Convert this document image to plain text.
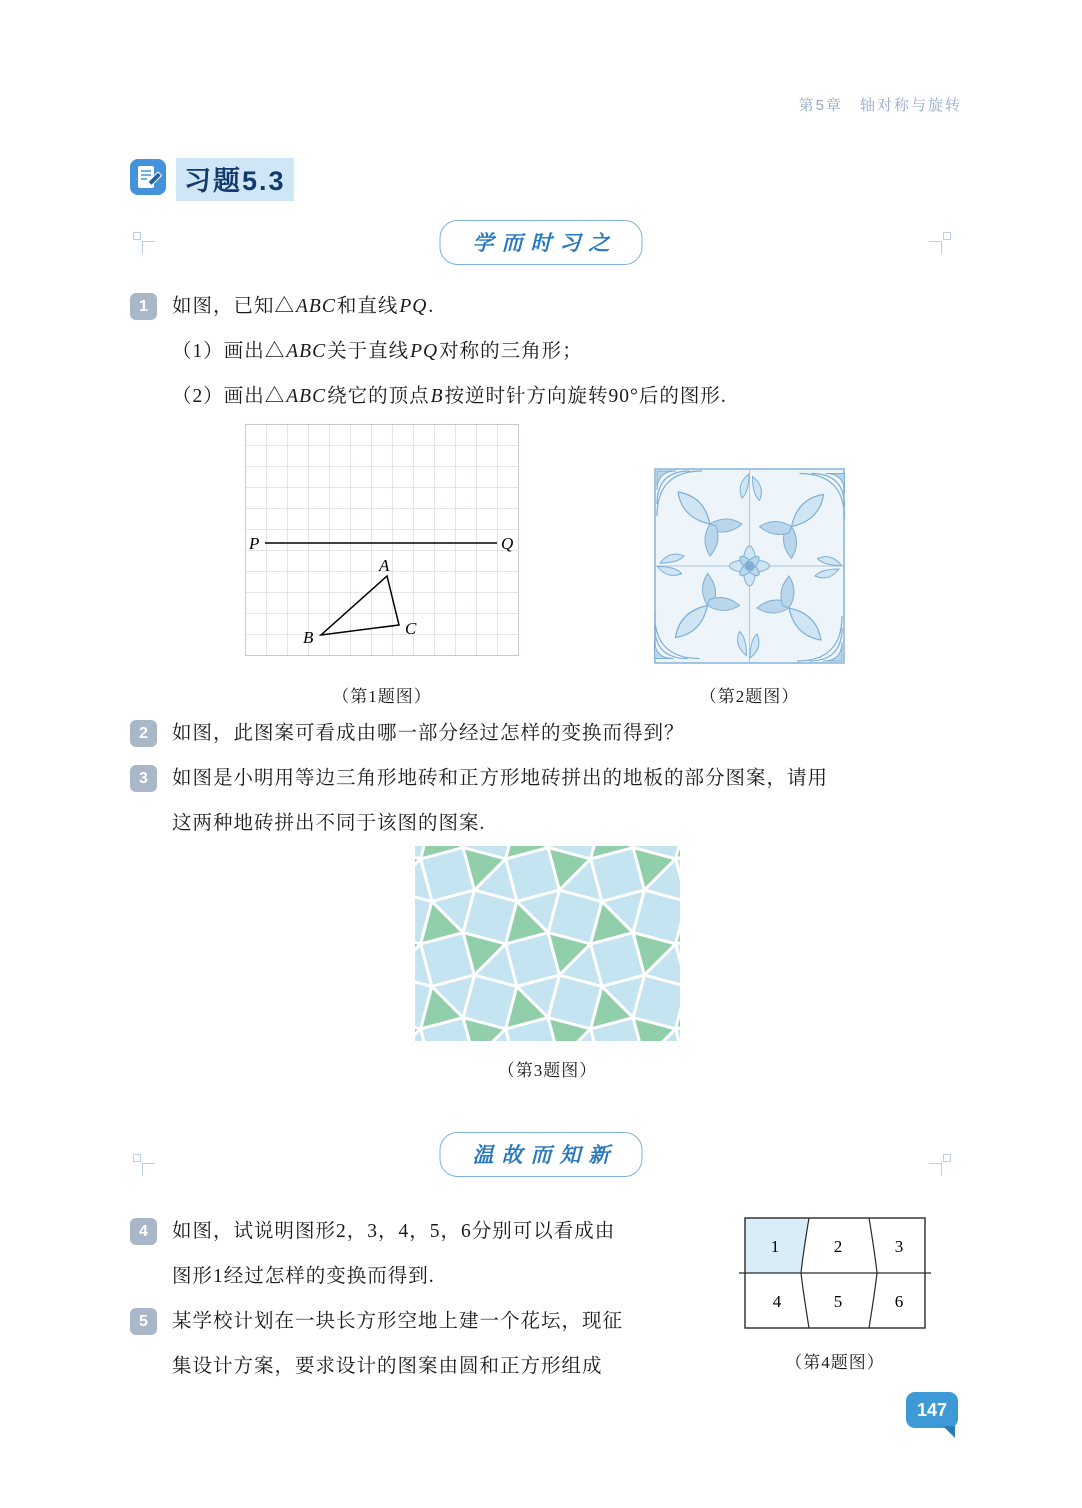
第5章　轴对称与旋转
习题5.3
学而时习之
1	如图，已知△ABC和直线PQ.
（1）画出△ABC关于直线PQ对称的三角形；
（2）画出△ABC绕它的顶点B按逆时针方向旋转90°后的图形.
P	Q
A
B	C
（第1题图）	（第2题图）
2	如图，此图案可看成由哪一部分经过怎样的变换而得到？
3	如图是小明用等边三角形地砖和正方形地砖拼出的地板的部分图案，请用
这两种地砖拼出不同于该图的图案.
（第3题图）
温故而知新
4	如图，试说明图形2，3，4，5，6分别可以看成由
图形1经过怎样的变换而得到.
5	某学校计划在一块长方形空地上建一个花坛，现征
集设计方案，要求设计的图案由圆和正方形组成
1	2	3
4	5	6
（第4题图）
147
